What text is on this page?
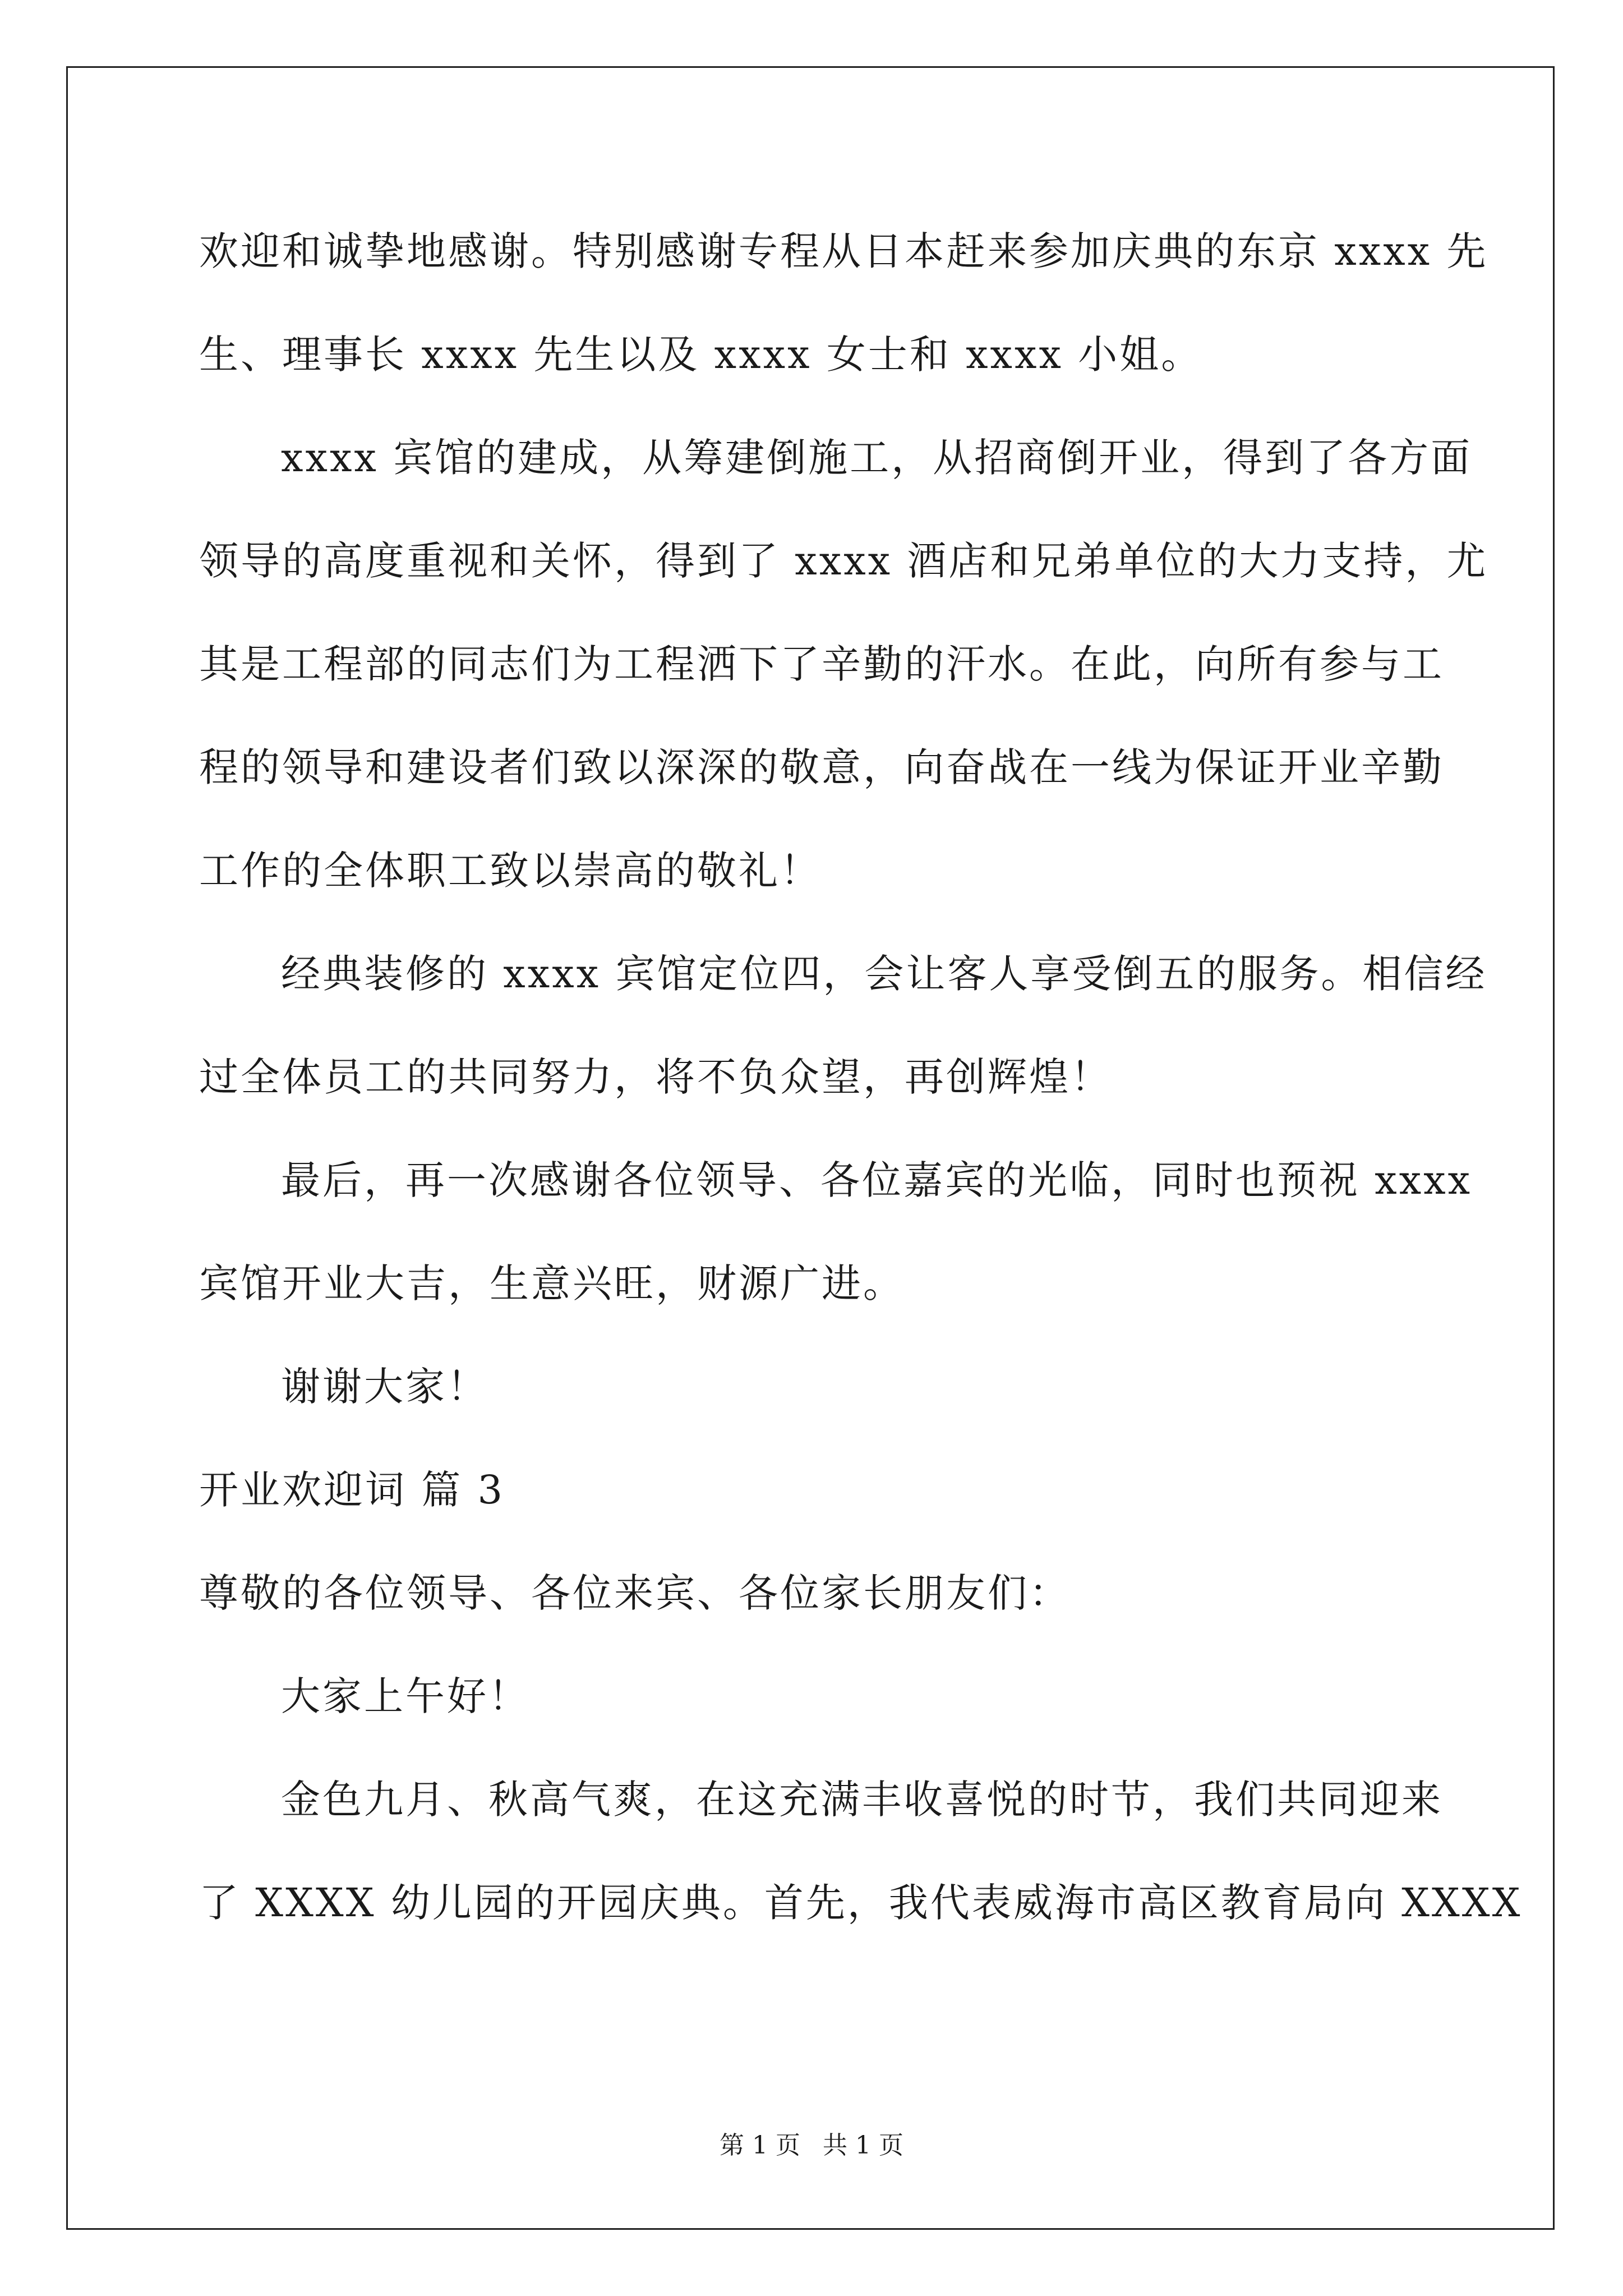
欢迎和诚挚地感谢。特别感谢专程从日本赶来参加庆典的东京 xxxx 先
生、理事长 xxxx 先生以及 xxxx 女士和 xxxx 小姐。
xxxx 宾馆的建成，从筹建倒施工，从招商倒开业，得到了各方面
领导的高度重视和关怀，得到了 xxxx 酒店和兄弟单位的大力支持，尤
其是工程部的同志们为工程洒下了辛勤的汗水。在此，向所有参与工
程的领导和建设者们致以深深的敬意，向奋战在一线为保证开业辛勤
工作的全体职工致以崇高的敬礼！
经典装修的 xxxx 宾馆定位四，会让客人享受倒五的服务。相信经
过全体员工的共同努力，将不负众望，再创辉煌！
最后，再一次感谢各位领导、各位嘉宾的光临，同时也预祝 xxxx
宾馆开业大吉，生意兴旺，财源广进。
谢谢大家！
开业欢迎词 篇 3
尊敬的各位领导、各位来宾、各位家长朋友们：
大家上午好！
金色九月、秋高气爽，在这充满丰收喜悦的时节，我们共同迎来
了 XXXX 幼儿园的开园庆典。首先，我代表威海市高区教育局向 XXXX
第 1 页 共 1 页
